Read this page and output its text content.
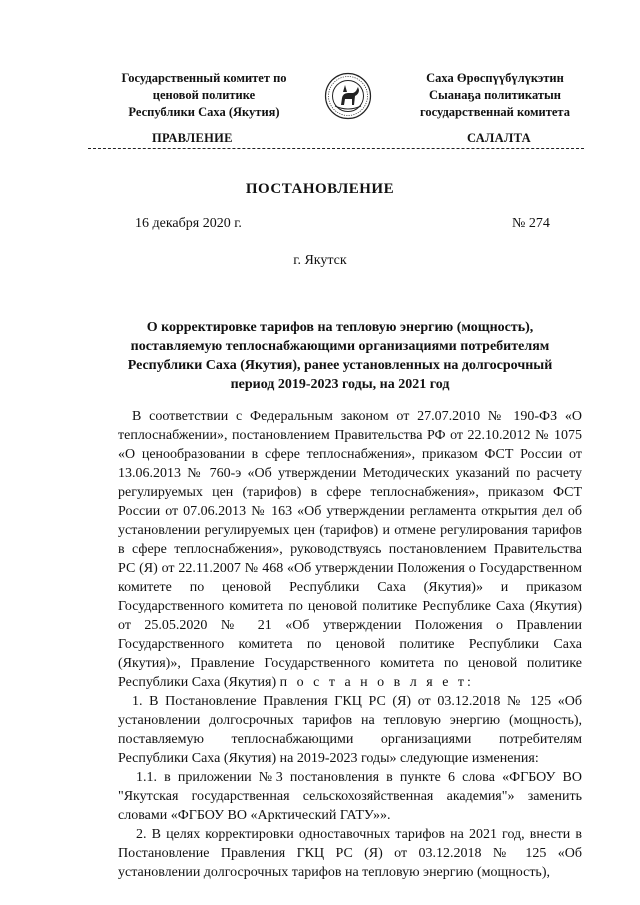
Государственный комитет по
ценовой политике
Республики Саха (Якутия)
Саха Өрөспүүбүлүкэтин
Сыанаҕа политикатын
государственнай комитета
ПРАВЛЕНИЕ	САЛАЛТА
ПОСТАНОВЛЕНИЕ
16 декабря 2020 г.	№ 274
г. Якутск
О корректировке тарифов на тепловую энергию (мощность), поставляемую теплоснабжающими организациями потребителям Республики Саха (Якутия), ранее установленных на долгосрочный период 2019-2023 годы, на 2021 год

В соответствии с Федеральным законом от 27.07.2010 № 190-ФЗ «О теплоснабжении», постановлением Правительства РФ от 22.10.2012 № 1075 «О ценообразовании в сфере теплоснабжения», приказом ФСТ России от 13.06.2013 № 760-э «Об утверждении Методических указаний по расчету регулируемых цен (тарифов) в сфере теплоснабжения», приказом ФСТ России от 07.06.2013 № 163 «Об утверждении регламента открытия дел об установлении регулируемых цен (тарифов) и отмене регулирования тарифов в сфере теплоснабжения», руководствуясь постановлением Правительства РС (Я) от 22.11.2007 № 468 «Об утверждении Положения о Государственном комитете по ценовой Республики Саха (Якутия)» и приказом Государственного комитета по ценовой политике Республике Саха (Якутия) от 25.05.2020 № 21 «Об утверждении Положения о Правлении Государственного комитета по ценовой политике Республики Саха (Якутия)», Правление Государственного комитета по ценовой политике Республики Саха (Якутия) п о с т а н о в л я е т:

1. В Постановление Правления ГКЦ РС (Я) от 03.12.2018 № 125 «Об установлении долгосрочных тарифов на тепловую энергию (мощность), поставляемую теплоснабжающими организациями потребителям Республики Саха (Якутия) на 2019-2023 годы» следующие изменения:

1.1. в приложении №3 постановления в пункте 6 слова «ФГБОУ ВО "Якутская государственная сельскохозяйственная академия"» заменить словами «ФГБОУ ВО «Арктический ГАТУ»».

2. В целях корректировки одноставочных тарифов на 2021 год, внести в Постановление Правления ГКЦ РС (Я) от 03.12.2018 № 125 «Об установлении долгосрочных тарифов на тепловую энергию (мощность),
